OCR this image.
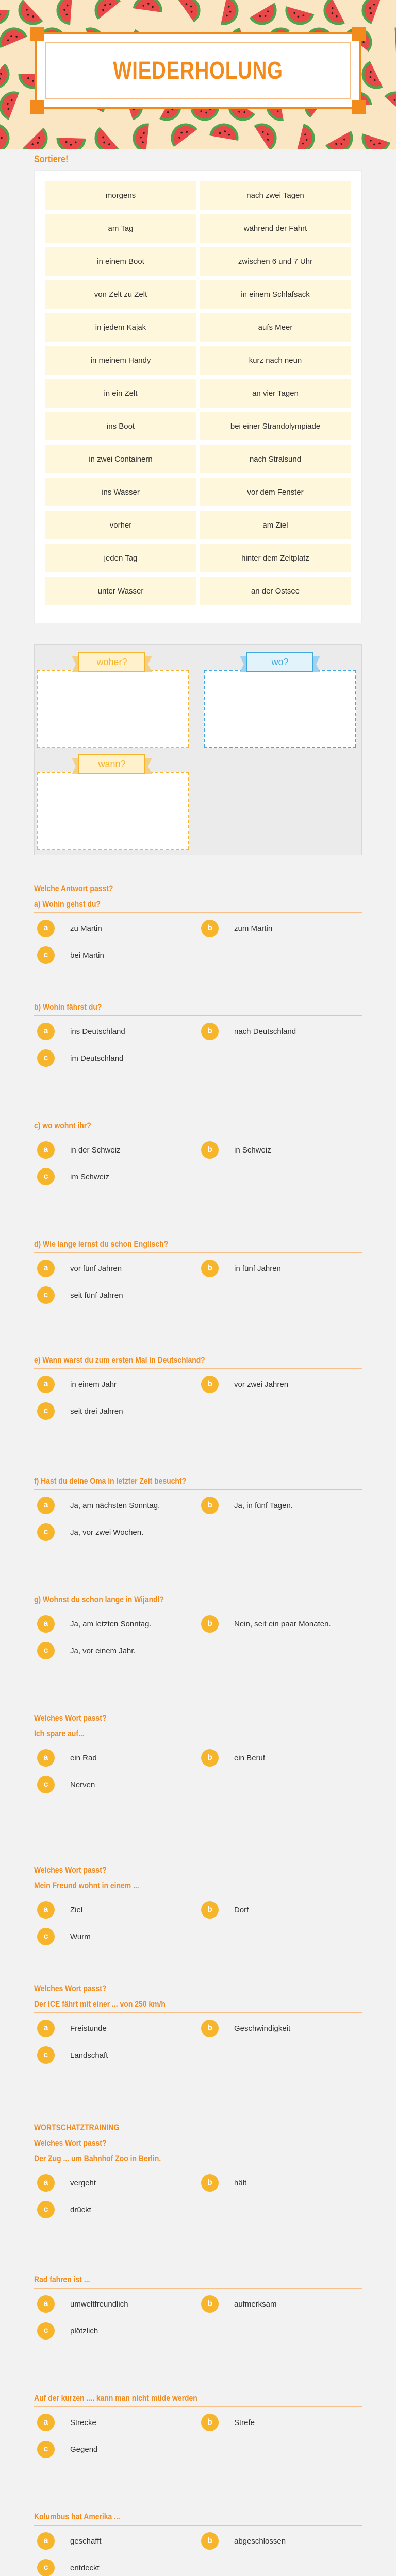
WIEDERHOLUNG
Sortiere!
morgens	nach zwei Tagen
am Tag	während der Fahrt
in einem Boot	zwischen 6 und 7 Uhr
von Zelt zu Zelt	in einem Schlafsack
in jedem Kajak	aufs Meer
in meinem Handy	kurz nach neun
in ein Zelt	an vier Tagen
ins Boot	bei einer Strandolympiade
in zwei Containern	nach Stralsund
ins Wasser	vor dem Fenster
vorher	am Ziel
jeden Tag	hinter dem Zeltplatz
unter Wasser	an der Ostsee
woher?	wo?
wann?
Welche Antwort passt?
a) Wohin gehst du?
a	zu Martin	b	zum Martin
c	bei Martin
b) Wohin fährst du?
a	ins Deutschland	b	nach Deutschland
c	im Deutschland
c) wo wohnt ihr?
a	in der Schweiz	b	in Schweiz
c	im Schweiz
d) Wie lange lernst du schon Englisch?
a	vor fünf Jahren	b	in fünf Jahren
c	seit fünf Jahren
e) Wann warst du zum ersten Mal in Deutschland?
a	in einem Jahr	b	vor zwei Jahren
c	seit drei Jahren
f) Hast du deine Oma in letzter Zeit besucht?
a	Ja, am nächsten Sonntag.	b	Ja, in fünf Tagen.
c	Ja, vor zwei Wochen.
g) Wohnst du schon lange in Wijandl?
a	Ja, am letzten Sonntag.	b	Nein, seit ein paar Monaten.
c	Ja, vor einem Jahr.
Welches Wort passt?
Ich spare auf...
a	ein Rad	b	ein Beruf
c	Nerven
Welches Wort passt?
Mein Freund wohnt in einem ...
a	Ziel	b	Dorf
c	Wurm
Welches Wort passt?
Der ICE fährt mit einer ... von 250 km/h
a	Freistunde	b	Geschwindigkeit
c	Landschaft
WORTSCHATZTRAINING
Welches Wort passt?
Der Zug ... um Bahnhof Zoo in Berlin.
a	vergeht	b	hält
c	drückt
Rad fahren ist ...
a	umweltfreundlich	b	aufmerksam
c	plötzlich
Auf der kurzen .... kann man nicht müde werden
a	Strecke	b	Strefe
c	Gegend
Kolumbus hat Amerika ...
a	geschafft	b	abgeschlossen
c	entdeckt
